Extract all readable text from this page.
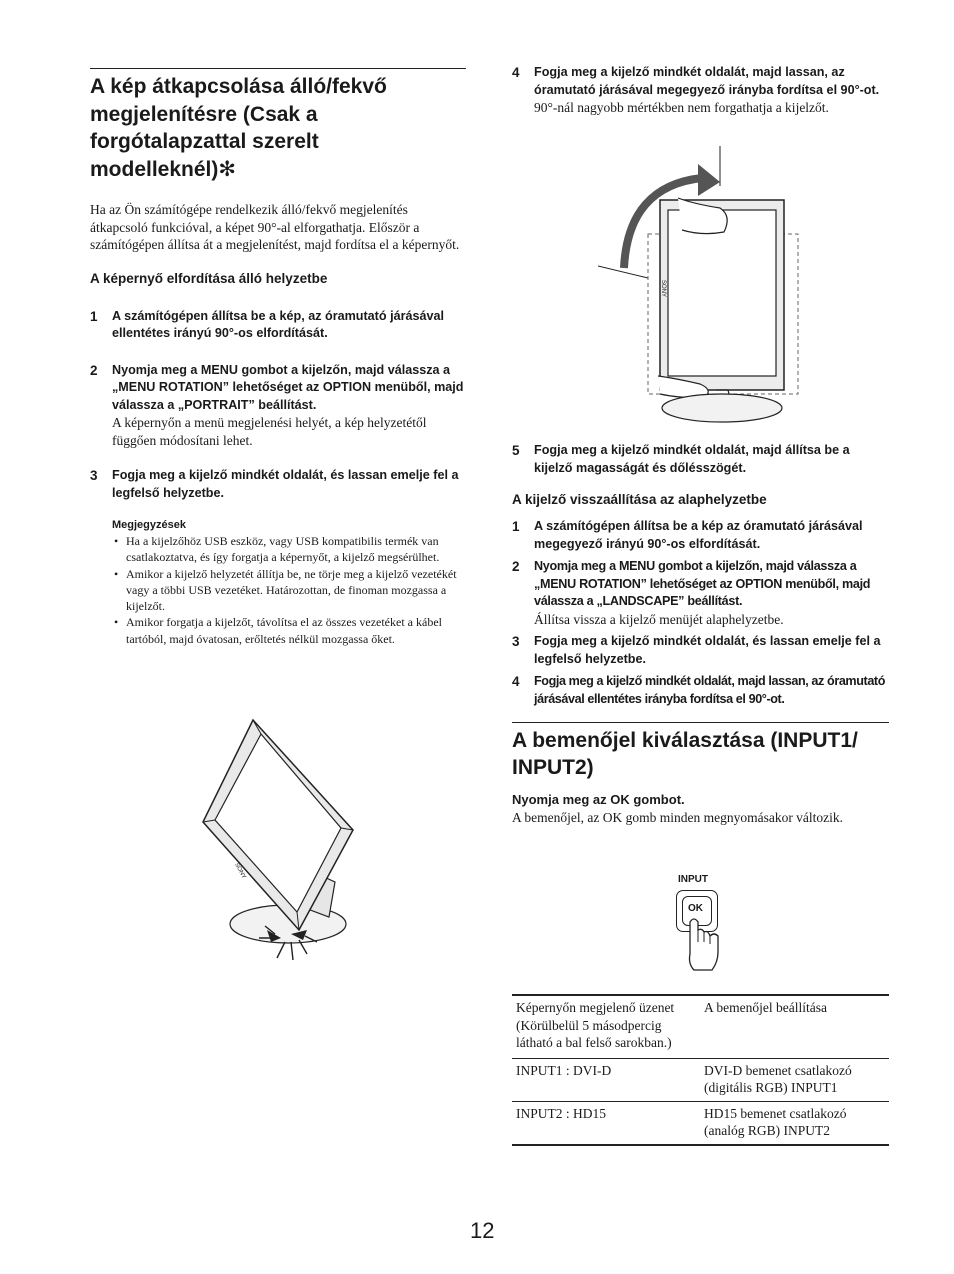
A kép átkapcsolása álló/fekvő megjelenítésre (Csak a forgótalapzattal szerelt modelleknél)✻

Ha az Ön számítógépe rendelkezik álló/fekvő megjelenítés átkapcsoló funkcióval, a képet 90°-al elforgathatja. Először a számítógépen állítsa át a megjelenítést, majd fordítsa el a képernyőt.

A képernyő elfordítása álló helyzetbe
1 A számítógépen állítsa be a kép, az óramutató járásával ellentétes irányú 90°-os elfordítását.
2 Nyomja meg a MENU gombot a kijelzőn, majd válassza a „MENU ROTATION” lehetőséget az OPTION menüből, majd válassza a „PORTRAIT” beállítást.
A képernyőn a menü megjelenési helyét, a kép helyzetétől függően módosítani lehet.
3 Fogja meg a kijelző mindkét oldalát, és lassan emelje fel a legfelső helyzetbe.
Megjegyzések
• Ha a kijelzőhöz USB eszköz, vagy USB kompatibilis termék van csatlakoztatva, és így forgatja a képernyőt, a kijelző megsérülhet.
• Amikor a kijelző helyzetét állítja be, ne törje meg a kijelző vezetékét vagy a többi USB vezetéket. Határozottan, de finoman mozgassa a kijelzőt.
• Amikor forgatja a kijelzőt, távolítsa el az összes vezetéket a kábel tartóból, majd óvatosan, erőltetés nélkül mozgassa őket.
SONY
4 Fogja meg a kijelző mindkét oldalát, majd lassan, az óramutató járásával megegyező irányba fordítsa el 90°-ot.
90°-nál nagyobb mértékben nem forgathatja a kijelzőt.
SONY
5 Fogja meg a kijelző mindkét oldalát, majd állítsa be a kijelző magasságát és dőlésszögét.
A kijelző visszaállítása az alaphelyzetbe
1 A számítógépen állítsa be a kép az óramutató járásával megegyező irányú 90°-os elfordítását.
2 Nyomja meg a MENU gombot a kijelzőn, majd válassza a „MENU ROTATION” lehetőséget az OPTION menüből, majd válassza a „LANDSCAPE” beállítást.
Állítsa vissza a kijelző menüjét alaphelyzetbe.
3 Fogja meg a kijelző mindkét oldalát, és lassan emelje fel a legfelső helyzetbe.
4 Fogja meg a kijelző mindkét oldalát, majd lassan, az óramutató járásával ellentétes irányba fordítsa el 90°-ot.
A bemenőjel kiválasztása (INPUT1/ INPUT2)
Nyomja meg az OK gombot.
A bemenőjel, az OK gomb minden megnyomásakor változik.
INPUT
OK
Képernyőn megjelenő üzenet (Körülbelül 5 másodpercig látható a bal felső sarokban.)	A bemenőjel beállítása
INPUT1 : DVI-D	DVI-D bemenet csatlakozó (digitális RGB) INPUT1
INPUT2 : HD15	HD15 bemenet csatlakozó (analóg RGB) INPUT2
12
